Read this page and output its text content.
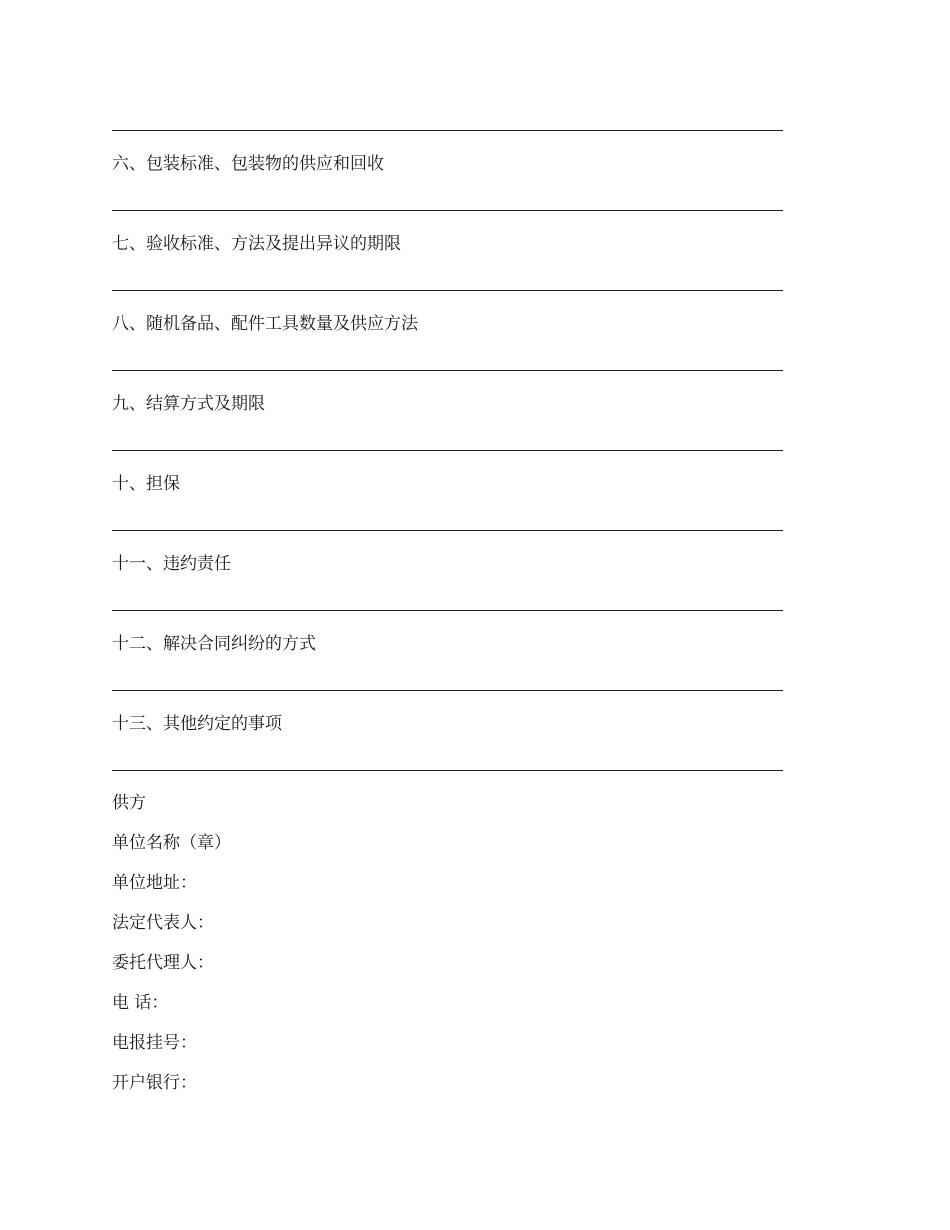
六、包装标准、包装物的供应和回收
七、验收标准、方法及提出异议的期限
八、随机备品、配件工具数量及供应方法
九、结算方式及期限
十、担保
十一、违约责任
十二、解决合同纠纷的方式
十三、其他约定的事项
供方
单位名称（章）
单位地址：
法定代表人：
委托代理人：
电 话：
电报挂号：
开户银行：
